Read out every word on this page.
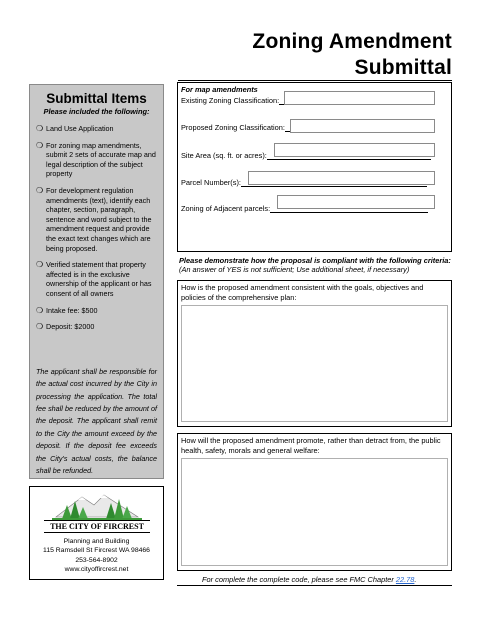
Zoning Amendment
Submittal
Submittal Items
Please included the following:
❍ Land Use Application
❍ For zoning map amendments, submit 2 sets of accurate map and legal description of the subject property
❍ For development regulation amendments (text), identify each chapter, section, paragraph, sentence and word subject to the amendment request and provide the exact text changes which are being proposed.
❍ Verified statement that property affected is in the exclusive ownership of the applicant or has consent of all owners
❍ Intake fee: $500
❍ Deposit: $2000
The applicant shall be responsible for the actual cost incurred by the City in processing the application. The total fee shall be reduced by the amount of the deposit. The applicant shall remit to the City the amount exceed by the deposit. If the deposit fee exceeds the City's actual costs, the balance shall be refunded.
THE CITY OF FIRCREST
Planning and Building
115 Ramsdell St Fircrest WA 98466
253-564-8902
www.cityoffircrest.net
For map amendments
Existing Zoning Classification:
Proposed Zoning Classification:
Site Area (sq. ft. or acres):
Parcel Number(s):
Zoning of Adjacent parcels:
Please demonstrate how the proposal is compliant with the following criteria: (An answer of YES is not sufficient; Use additional sheet, if necessary)
How is the proposed amendment consistent with the goals, objectives and policies of the comprehensive plan:
How will the proposed amendment promote, rather than detract from, the public health, safety, morals and general welfare:
For complete the complete code, please see FMC Chapter 22.78.
